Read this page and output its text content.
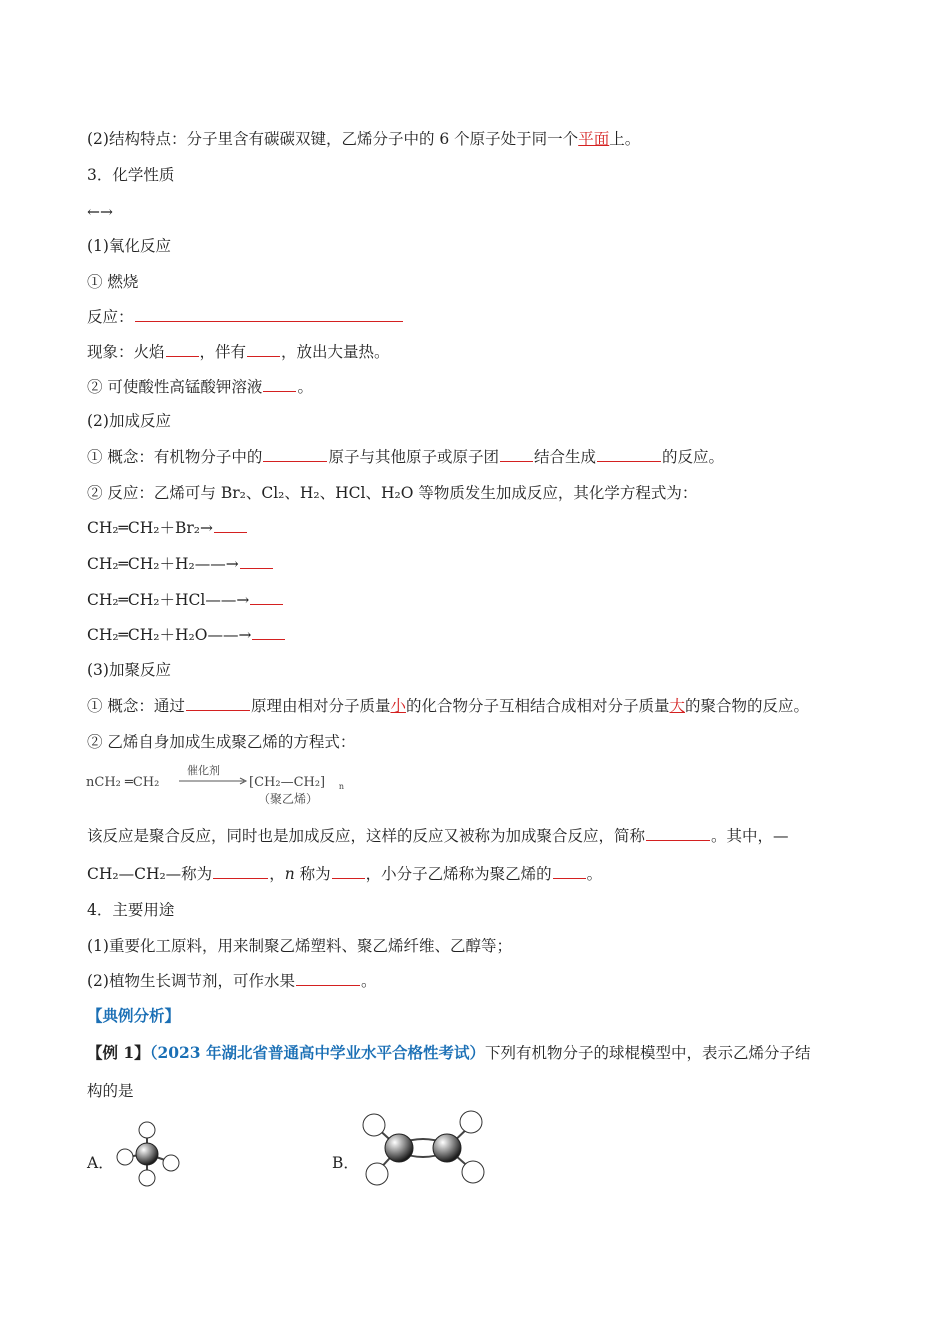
(2)结构特点：分子里含有碳碳双键，乙烯分子中的 6 个原子处于同一个平面上。
3．化学性质
←→
(1)氧化反应
① 燃烧
反应：
现象：火焰 ，伴有 ，放出大量热。
② 可使酸性高锰酸钾溶液 。
(2)加成反应
① 概念：有机物分子中的	原子与其他原子或原子团 结合生成	的反应。
② 反应：乙烯可与 Br₂、Cl₂、H₂、HCl、H₂O 等物质发生加成反应，其化学方程式为：
CH₂═CH₂＋Br₂→
CH₂═CH₂＋H₂——→
CH₂═CH₂＋HCl——→
CH₂═CH₂＋H₂O——→
(3)加聚反应
① 概念：通过	原理由相对分子质量小的化合物分子互相结合成相对分子质量大的聚合物的反应。
② 乙烯自身加成生成聚乙烯的方程式：
nCH₂ ═CH₂
催化剂
[CH₂—CH₂] n
（聚乙烯）
该反应是聚合反应，同时也是加成反应，这样的反应又被称为加成聚合反应，简称	。其中，—
CH₂—CH₂—称为	，n 称为 ，小分子乙烯称为聚乙烯的 。
4．主要用途
(1)重要化工原料，用来制聚乙烯塑料、聚乙烯纤维、乙醇等；
(2)植物生长调节剂，可作水果	。
【典例分析】
【例 1】（2023 年湖北省普通高中学业水平合格性考试）下列有机物分子的球棍模型中，表示乙烯分子结
构的是
A．	B．
